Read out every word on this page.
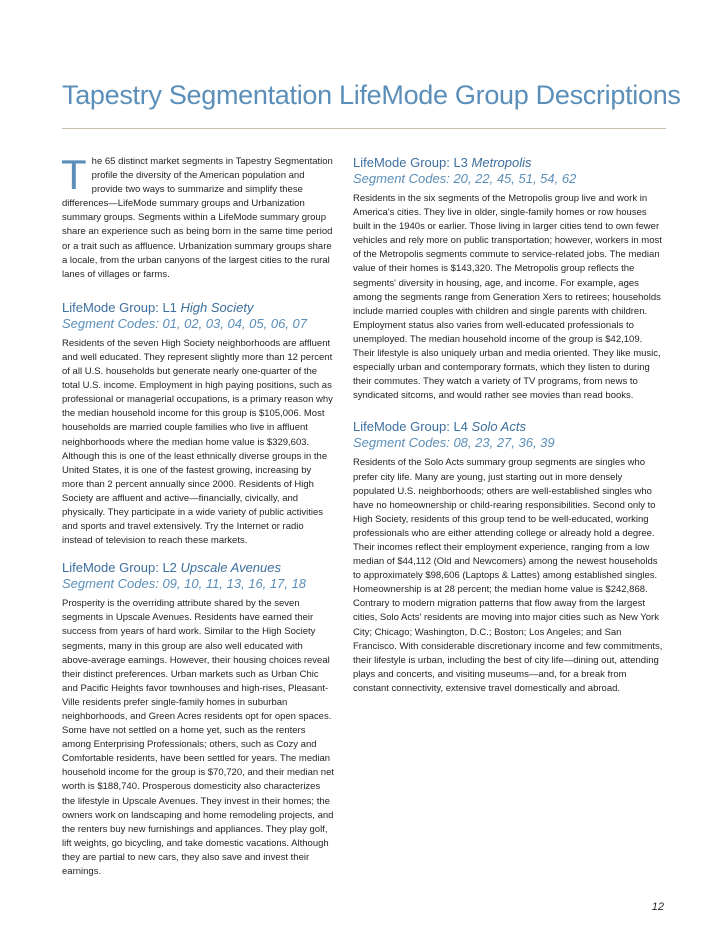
Tapestry Segmentation LifeMode Group Descriptions
T he 65 distinct market segments in Tapestry Segmentation profile the diversity of the American population and provide two ways to summarize and simplify these differences—LifeMode summary groups and Urbanization summary groups. Segments within a LifeMode summary group share an experience such as being born in the same time period or a trait such as affluence. Urbanization summary groups share a locale, from the urban canyons of the largest cities to the rural lanes of villages or farms.

LifeMode Group: L1 High Society

Segment Codes: 01, 02, 03, 04, 05, 06, 07

Residents of the seven High Society neighborhoods are affluent and well educated. They represent slightly more than 12 percent of all U.S. households but generate nearly one-quarter of the total U.S. income. Employment in high paying positions, such as professional or managerial occupations, is a primary reason why the median household income for this group is $105,006. Most households are married couple families who live in affluent neighborhoods where the median home value is $329,603. Although this is one of the least ethnically diverse groups in the United States, it is one of the fastest growing, increasing by more than 2 percent annually since 2000. Residents of High Society are affluent and active—financially, civically, and physically. They participate in a wide variety of public activities and sports and travel extensively. Try the Internet or radio instead of television to reach these markets.

LifeMode Group: L2 Upscale Avenues

Segment Codes: 09, 10, 11, 13, 16, 17, 18

Prosperity is the overriding attribute shared by the seven segments in Upscale Avenues. Residents have earned their success from years of hard work. Similar to the High Society segments, many in this group are also well educated with above-average earnings. However, their housing choices reveal their distinct preferences. Urban markets such as Urban Chic and Pacific Heights favor townhouses and high-rises, Pleasant-Ville residents prefer single-family homes in suburban neighborhoods, and Green Acres residents opt for open spaces. Some have not settled on a home yet, such as the renters among Enterprising Professionals; others, such as Cozy and Comfortable residents, have been settled for years. The median household income for the group is $70,720, and their median net worth is $188,740. Prosperous domesticity also characterizes the lifestyle in Upscale Avenues. They invest in their homes; the owners work on landscaping and home remodeling projects, and the renters buy new furnishings and appliances. They play golf, lift weights, go bicycling, and take domestic vacations. Although they are partial to new cars, they also save and invest their earnings.

LifeMode Group: L3 Metropolis

Segment Codes: 20, 22, 45, 51, 54, 62

Residents in the six segments of the Metropolis group live and work in America's cities. They live in older, single-family homes or row houses built in the 1940s or earlier. Those living in larger cities tend to own fewer vehicles and rely more on public transportation; however, workers in most of the Metropolis segments commute to service-related jobs. The median value of their homes is $143,320. The Metropolis group reflects the segments' diversity in housing, age, and income. For example, ages among the segments range from Generation Xers to retirees; households include married couples with children and single parents with children. Employment status also varies from well-educated professionals to unemployed. The median household income of the group is $42,109. Their lifestyle is also uniquely urban and media oriented. They like music, especially urban and contemporary formats, which they listen to during their commutes. They watch a variety of TV programs, from news to syndicated sitcoms, and would rather see movies than read books.

LifeMode Group: L4 Solo Acts

Segment Codes: 08, 23, 27, 36, 39

Residents of the Solo Acts summary group segments are singles who prefer city life. Many are young, just starting out in more densely populated U.S. neighborhoods; others are well-established singles who have no homeownership or child-rearing responsibilities. Second only to High Society, residents of this group tend to be well-educated, working professionals who are either attending college or already hold a degree. Their incomes reflect their employment experience, ranging from a low median of $44,112 (Old and Newcomers) among the newest households to approximately $98,606 (Laptops & Lattes) among established singles. Homeownership is at 28 percent; the median home value is $242,868. Contrary to modern migration patterns that flow away from the largest cities, Solo Acts' residents are moving into major cities such as New York City; Chicago; Washington, D.C.; Boston; Los Angeles; and San Francisco. With considerable discretionary income and few commitments, their lifestyle is urban, including the best of city life—dining out, attending plays and concerts, and visiting museums—and, for a break from constant connectivity, extensive travel domestically and abroad.

12
